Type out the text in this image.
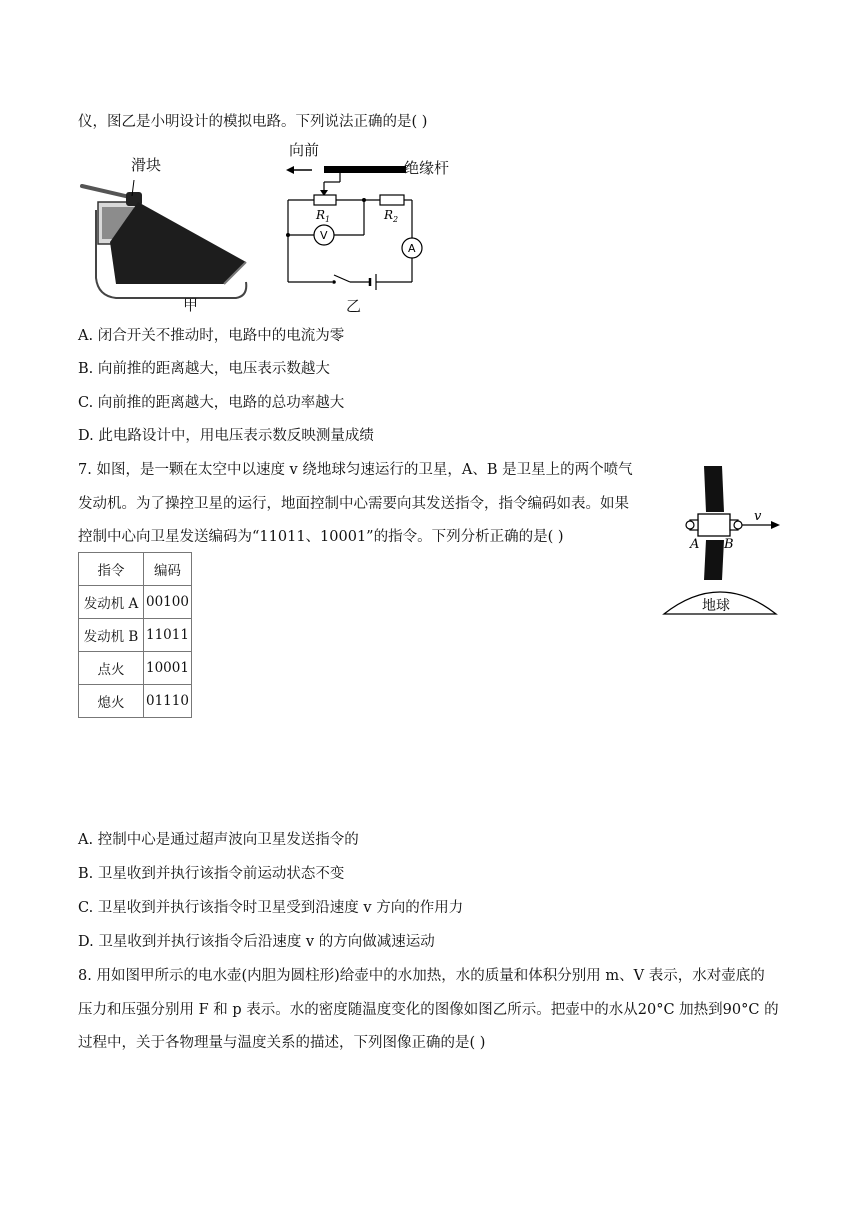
仪，图乙是小明设计的模拟电路。下列说法正确的是( )
滑块
甲
V
A
$R_1$	$R_2$
向前
绝缘杆
乙
A. 闭合开关不推动时，电路中的电流为零
B. 向前推的距离越大，电压表示数越大
C. 向前推的距离越大，电路的总功率越大
D. 此电路设计中，用电压表示数反映测量成绩
7. 如图，是一颗在太空中以速度 v 绕地球匀速运行的卫星，A、B 是卫星上的两个喷气
发动机。为了操控卫星的运行，地面控制中心需要向其发送指令，指令编码如表。如果
控制中心向卫星发送编码为“11011、10001”的指令。下列分析正确的是( )
v
A B
地球
指令	编码
发动机 A	00100
发动机 B	11011
点火	10001
熄火	01110
A. 控制中心是通过超声波向卫星发送指令的
B. 卫星收到并执行该指令前运动状态不变
C. 卫星收到并执行该指令时卫星受到沿速度 v 方向的作用力
D. 卫星收到并执行该指令后沿速度 v 的方向做减速运动
8. 用如图甲所示的电水壶(内胆为圆柱形)给壶中的水加热，水的质量和体积分别用 m、V 表示，水对壶底的
压力和压强分别用 F 和 p 表示。水的密度随温度变化的图像如图乙所示。把壶中的水从20°C 加热到90°C 的
过程中，关于各物理量与温度关系的描述，下列图像正确的是( )
